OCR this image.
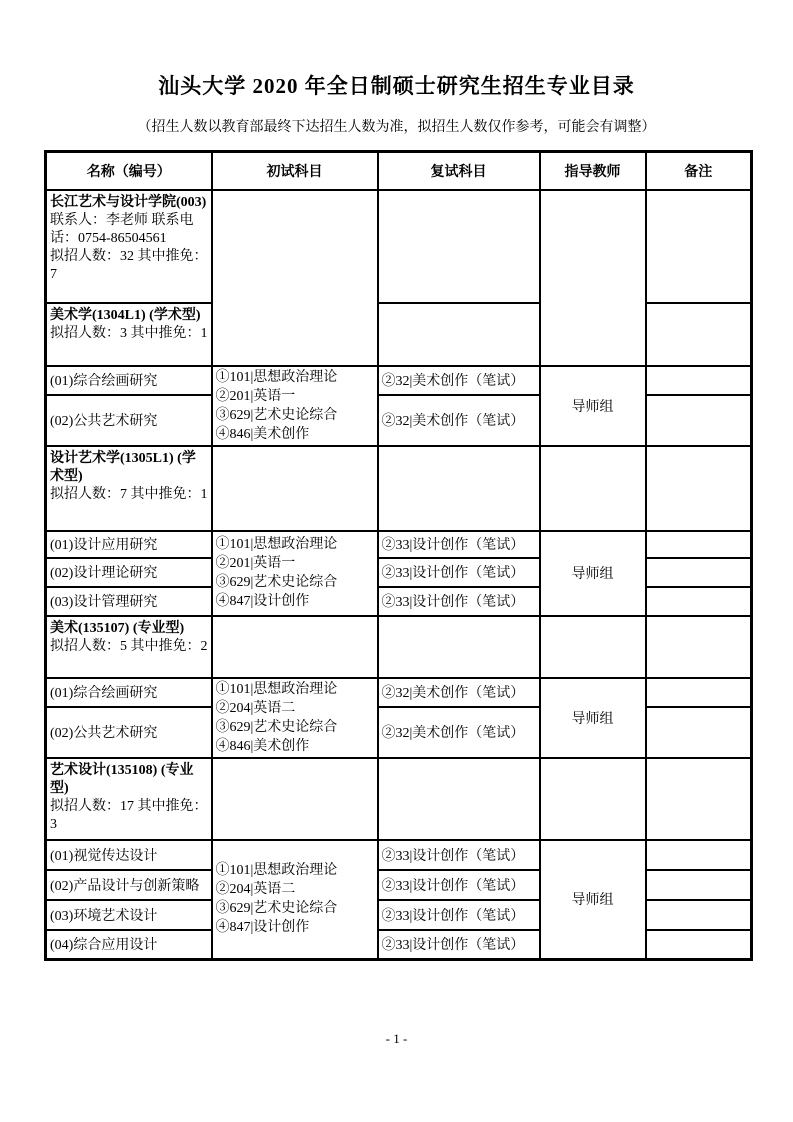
汕头大学 2020 年全日制硕士研究生招生专业目录

（招生人数以教育部最终下达招生人数为准，拟招生人数仅作参考，可能会有调整）

名称（编号）	初试科目	复试科目	指导教师	备注

长江艺术与设计学院(003)
联系人：李老师 联系电话：0754-86504561
拟招人数：32 其中推免：7				

美术学(1304L1) (学术型)
拟招人数：3 其中推免：1				

(01)综合绘画研究	①101|思想政治理论
②201|英语一
③629|艺术史论综合
④846|美术创作	②32|美术创作（笔试）	导师组	
(02)公共艺术研究		②32|美术创作（笔试）		

设计艺术学(1305L1) (学术型)
拟招人数：7 其中推免：1				

(01)设计应用研究	①101|思想政治理论
②201|英语一
③629|艺术史论综合
④847|设计创作	②33|设计创作（笔试）	导师组	
(02)设计理论研究		②33|设计创作（笔试）		
(03)设计管理研究		②33|设计创作（笔试）		

美术(135107) (专业型)
拟招人数：5 其中推免：2				

(01)综合绘画研究	①101|思想政治理论
②204|英语二
③629|艺术史论综合
④846|美术创作	②32|美术创作（笔试）	导师组	
(02)公共艺术研究		②32|美术创作（笔试）		

艺术设计(135108) (专业型)
拟招人数：17 其中推免：3				

(01)视觉传达设计	①101|思想政治理论
②204|英语二
③629|艺术史论综合
④847|设计创作	②33|设计创作（笔试）	导师组	
(02)产品设计与创新策略		②33|设计创作（笔试）		
(03)环境艺术设计		②33|设计创作（笔试）		
(04)综合应用设计		②33|设计创作（笔试）		
- 1 -
